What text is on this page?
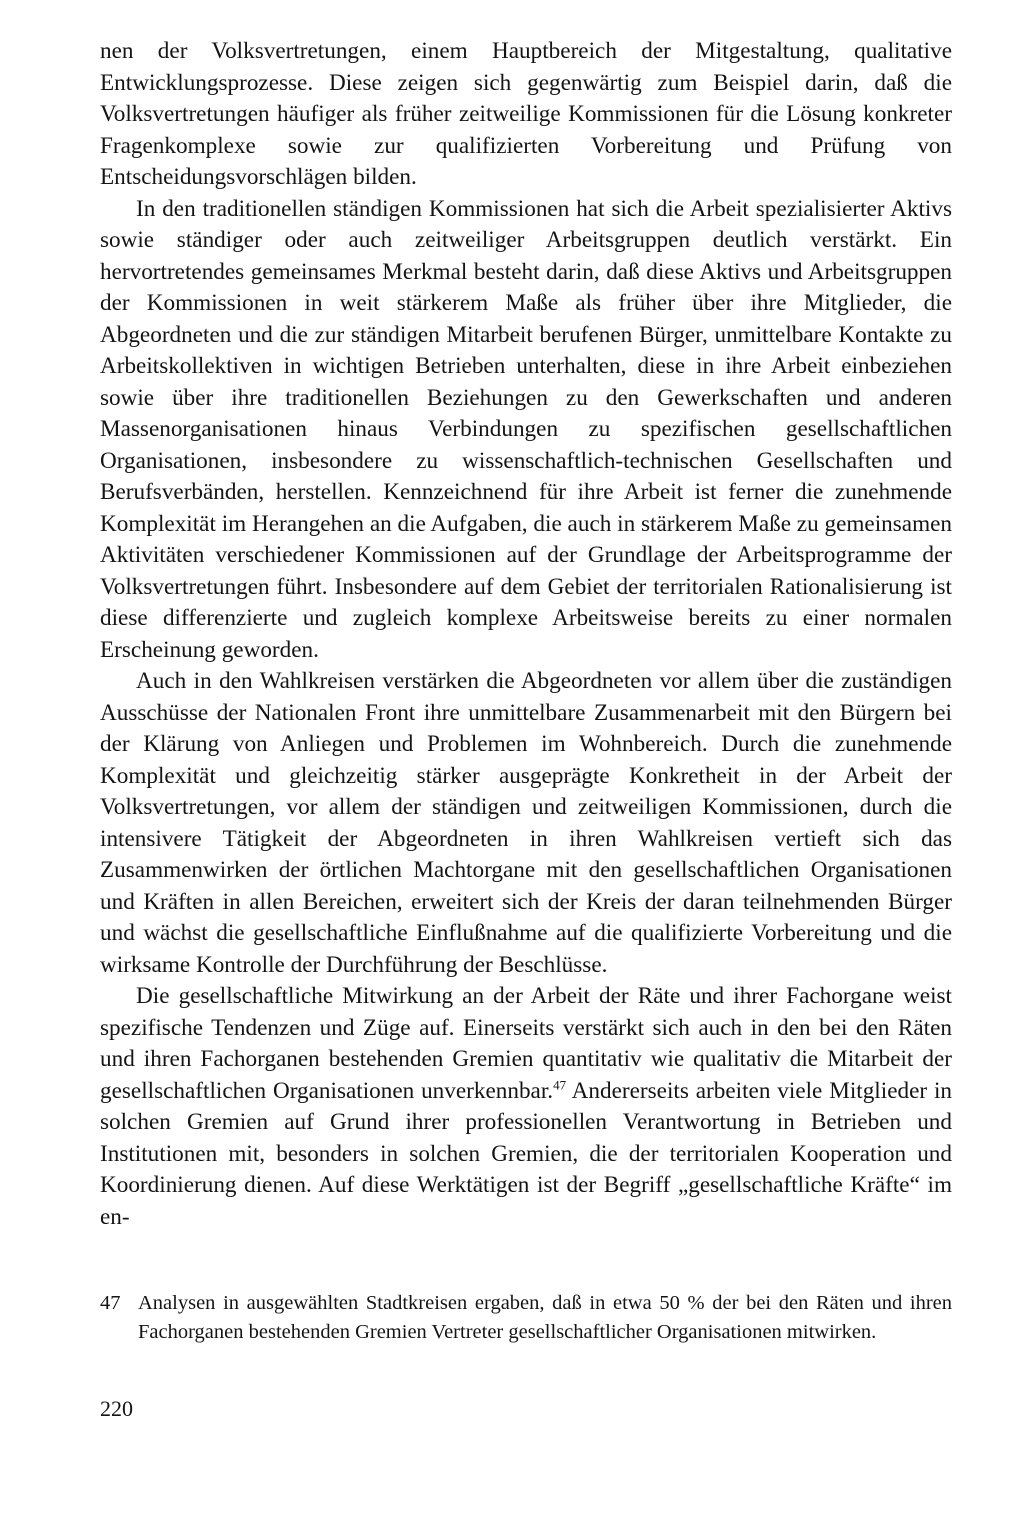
nen der Volksvertretungen, einem Hauptbereich der Mitgestaltung, qualitative Entwicklungsprozesse. Diese zeigen sich gegenwärtig zum Beispiel darin, daß die Volksvertretungen häufiger als früher zeitweilige Kommissionen für die Lösung konkreter Fragenkomplexe sowie zur qualifizierten Vorbereitung und Prüfung von Entscheidungsvorschlägen bilden.

In den traditionellen ständigen Kommissionen hat sich die Arbeit spezialisierter Aktivs sowie ständiger oder auch zeitweiliger Arbeitsgruppen deutlich verstärkt. Ein hervortretendes gemeinsames Merkmal besteht darin, daß diese Aktivs und Arbeitsgruppen der Kommissionen in weit stärkerem Maße als früher über ihre Mitglieder, die Abgeordneten und die zur ständigen Mitarbeit berufenen Bürger, unmittelbare Kontakte zu Arbeitskollektiven in wichtigen Betrieben unterhalten, diese in ihre Arbeit einbeziehen sowie über ihre traditionellen Beziehungen zu den Gewerkschaften und anderen Massenorganisationen hinaus Verbindungen zu spezifischen gesellschaftlichen Organisationen, insbesondere zu wissenschaftlich-technischen Gesellschaften und Berufsverbänden, herstellen. Kennzeichnend für ihre Arbeit ist ferner die zunehmende Komplexität im Herangehen an die Aufgaben, die auch in stärkerem Maße zu gemeinsamen Aktivitäten verschiedener Kommissionen auf der Grundlage der Arbeitsprogramme der Volksvertretungen führt. Insbesondere auf dem Gebiet der territorialen Rationalisierung ist diese differenzierte und zugleich komplexe Arbeitsweise bereits zu einer normalen Erscheinung geworden.

Auch in den Wahlkreisen verstärken die Abgeordneten vor allem über die zuständigen Ausschüsse der Nationalen Front ihre unmittelbare Zusammenarbeit mit den Bürgern bei der Klärung von Anliegen und Problemen im Wohnbereich. Durch die zunehmende Komplexität und gleichzeitig stärker ausgeprägte Konkretheit in der Arbeit der Volksvertretungen, vor allem der ständigen und zeitweiligen Kommissionen, durch die intensivere Tätigkeit der Abgeordneten in ihren Wahlkreisen vertieft sich das Zusammenwirken der örtlichen Machtorgane mit den gesellschaftlichen Organisationen und Kräften in allen Bereichen, erweitert sich der Kreis der daran teilnehmenden Bürger und wächst die gesellschaftliche Einflußnahme auf die qualifizierte Vorbereitung und die wirksame Kontrolle der Durchführung der Beschlüsse.

Die gesellschaftliche Mitwirkung an der Arbeit der Räte und ihrer Fachorgane weist spezifische Tendenzen und Züge auf. Einerseits verstärkt sich auch in den bei den Räten und ihren Fachorganen bestehenden Gremien quantitativ wie qualitativ die Mitarbeit der gesellschaftlichen Organisationen unverkennbar.$^{47}$ Andererseits arbeiten viele Mitglieder in solchen Gremien auf Grund ihrer professionellen Verantwortung in Betrieben und Institutionen mit, besonders in solchen Gremien, die der territorialen Kooperation und Koordinierung dienen. Auf diese Werktätigen ist der Begriff „gesellschaftliche Kräfte“ im en-

47 Analysen in ausgewählten Stadtkreisen ergaben, daß in etwa 50 % der bei den Räten und ihren Fachorganen bestehenden Gremien Vertreter gesellschaftlicher Organisationen mitwirken.
220
